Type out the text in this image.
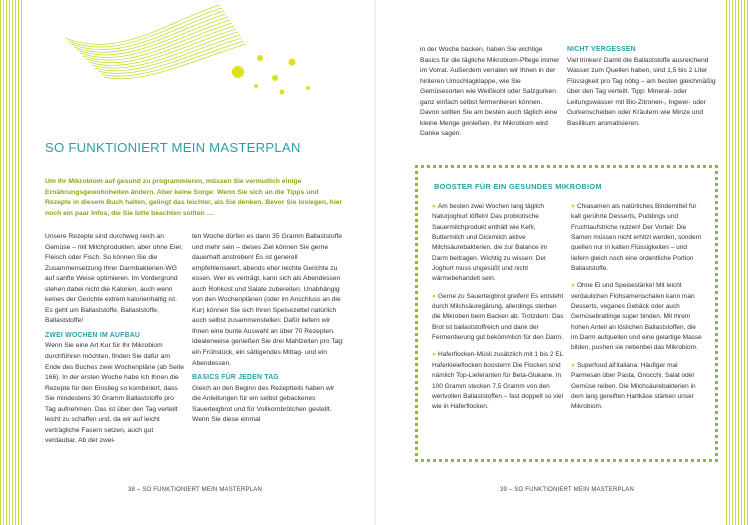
SO FUNKTIONIERT MEIN MASTERPLAN
Um Ihr Mikrobiom auf gesund zu programmieren, müssen Sie vermutlich einige Ernährungsgewohnheiten ändern. Aber keine Sorge: Wenn Sie sich an die Tipps und Rezepte in diesem Buch halten, gelingt das leichter, als Sie denken. Bevor Sie loslegen, hier noch ein paar Infos, die Sie bitte beachten sollten …

Unsere Rezepte sind durchweg reich an Gemüse – mit Milchprodukten, aber ohne Eier, Fleisch oder Fisch. So können Sie die Zusammensetzung Ihrer Darmbakterien-WG auf sanfte Weise optimieren. Im Vordergrund stehen dabei nicht die Kalorien, auch wenn keines der Gerichte extrem kalorienhaltig ist. Es geht um Ballaststoffe, Ballaststoffe, Ballaststoffe!

ZWEI WOCHEN IM AUFBAU

Wenn Sie eine Art Kur für Ihr Mikrobiom durchführen möchten, finden Sie dafür am Ende des Buches zwei Wochenpläne (ab Seite 166). In der ersten Woche habe ich Ihnen die Rezepte für den Einstieg so kombiniert, dass Sie mindestens 30 Gramm Ballaststoffe pro Tag aufnehmen. Das ist über den Tag verteilt leicht zu schaffen und, da wir auf leicht verträgliche Fasern setzen, auch gut verdaubar. Ab der zwei-

ten Woche dürfen es dann 35 Gramm Ballaststoffe und mehr sein – dieses Ziel können Sie gerne dauerhaft anstreben! Es ist generell empfehlenswert, abends eher leichte Gerichte zu essen. Wer es verträgt, kann sich als Abendessen auch Rohkost und Salate zubereiten. Unabhängig von den Wochenplänen (oder im Anschluss an die Kur) können Sie sich Ihren Speisezettel natürlich auch selbst zusammenstellen: Dafür liefern wir Ihnen eine bunte Auswahl an über 70 Rezepten. Idealerweise genießen Sie drei Mahlzeiten pro Tag: ein Frühstück, ein sättigendes Mittag- und ein Abendessen.

BASICS FÜR JEDEN TAG

Gleich an den Beginn des Rezeptteils haben wir die Anleitungen für ein selbst gebackenes Sauerteigbrot und für Vollkornbrötchen gestellt. Wenn Sie diese einmal

38 – SO FUNKTIONIERT MEIN MASTERPLAN

in der Woche backen, haben Sie wichtige Basics für die tägliche Mikrobiom-Pflege immer im Vorrat. Außerdem verraten wir Ihnen in der hinteren Umschlagklappe, wie Sie Gemüsesorten wie Weißkohl oder Salzgurken ganz einfach selbst fermentieren können. Davon sollten Sie am besten auch täglich eine kleine Menge genießen. Ihr Mikrobiom wird Danke sagen.

NICHT VERGESSEN

Viel trinken! Damit die Ballaststoffe ausreichend Wasser zum Quellen haben, sind 1,5 bis 2 Liter Flüssigkeit pro Tag nötig – am besten gleichmäßig über den Tag verteilt. Tipp: Mineral- oder Leitungswasser mit Bio-Zitronen-, Ingwer- oder Gurkenscheiben oder Kräutern wie Minze und Basilikum aromatisieren.

BOOSTER FÜR EIN GESUNDES MIKROBIOM
● Am besten zwei Wochen lang täglich Naturjoghurt löffeln! Das probiotische Sauermilchprodukt enthält wie Kefir, Buttermilch und Dickmilch aktive Milchsäurebakterien, die zur Balance im Darm beitragen. Wichtig zu wissen: Der Joghurt muss ungesüßt und nicht wärmebehandelt sein.
● Gerne zu Sauerteigbrot greifen! Es entsteht durch Milchsäuregärung, allerdings sterben die Mikroben beim Backen ab. Trotzdem: Das Brot ist ballaststoffreich und dank der Fermentierung gut bekömmlich für den Darm.
● Haferflocken-Müsli zusätzlich mit 1 bis 2 EL Haferkleieflocken boostern! Die Flocken sind nämlich Top-Lieferanten für Beta-Glukane. In 100 Gramm stecken 7,5 Gramm von den wertvollen Ballaststoffen – fast doppelt so viel wie in Haferflocken.
● Chiasamen als natürliches Bindemittel für kalt gerührte Desserts, Puddings und Fruchtaufstriche nutzen! Der Vorteil: Die Samen müssen nicht erhitzt werden, sondern quellen nur in kalten Flüssigkeiten – und liefern gleich noch eine ordentliche Portion Ballaststoffe.
● Ohne Ei und Speisestärke! Mit leicht verdaulichen Flohsamenschalen kann man Desserts, veganes Gebäck oder auch Gemüsebratlinge super binden. Mit ihrem hohen Anteil an löslichen Ballaststoffen, die im Darm aufquellen und eine gelartige Masse bilden, pushen sie nebenbei das Mikrobiom.
● Superfood all'italiana: Häufiger mal Parmesan über Pasta, Gnocchi, Salat oder Gemüse reiben. Die Milchsäurebakterien in dem lang gereiften Hartkäse stärken unser Mikrobiom.
39 – SO FUNKTIONIERT MEIN MASTERPLAN
